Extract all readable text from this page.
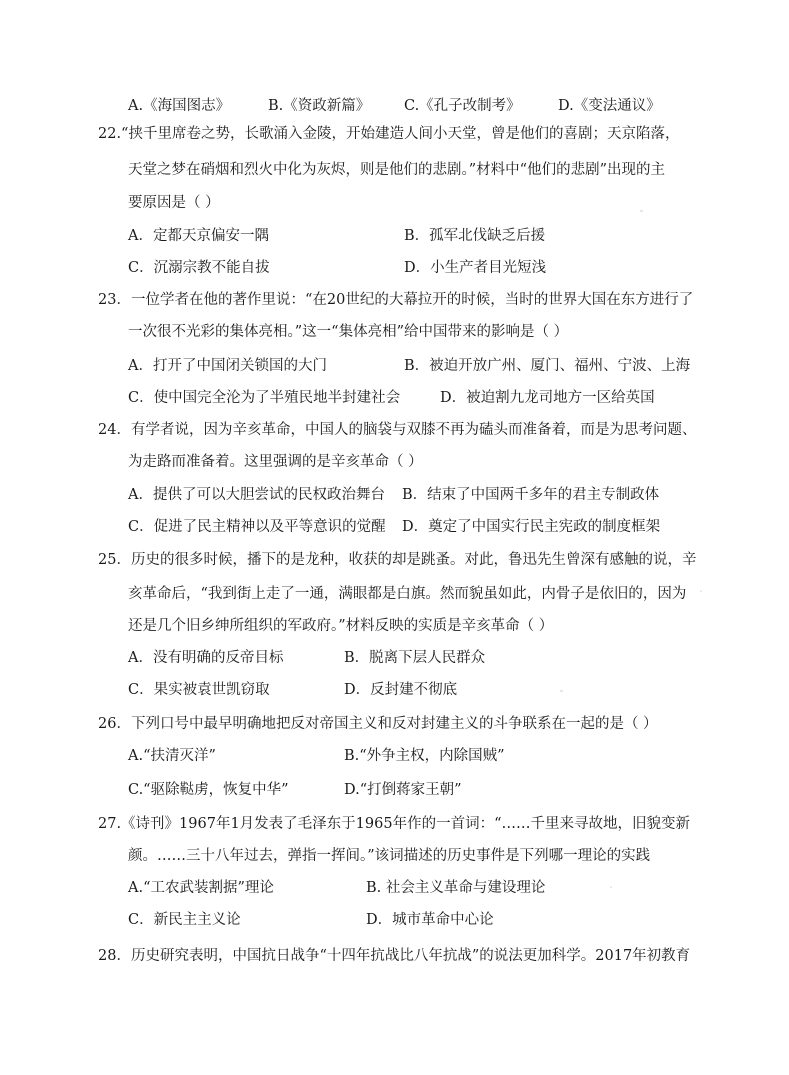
A.《海国图志》	B.《资政新篇》 C.《孔子改制考》	D.《变法通议》
22.“挟千里席卷之势，长歌涌入金陵，开始建造人间小天堂，曾是他们的喜剧；天京陷落，
天堂之梦在硝烟和烈火中化为灰烬，则是他们的悲剧。”材料中“他们的悲剧”出现的主
要原因是（ ）
A．定都天京偏安一隅	B．孤军北伐缺乏后援
C．沉溺宗教不能自拔	D．小生产者目光短浅
23．一位学者在他的著作里说：“在20世纪的大幕拉开的时候，当时的世界大国在东方进行了
一次很不光彩的集体亮相。”这一“集体亮相”给中国带来的影响是（ ）
A．打开了中国闭关锁国的大门	B．被迫开放广州、厦门、福州、宁波、上海
C．使中国完全沦为了半殖民地半封建社会	D．被迫割九龙司地方一区给英国
24．有学者说，因为辛亥革命，中国人的脑袋与双膝不再为磕头而准备着，而是为思考问题、
为走路而准备着。这里强调的是辛亥革命（ ）
A．提供了可以大胆尝试的民权政治舞台 B．结束了中国两千多年的君主专制政体
C．促进了民主精神以及平等意识的觉醒 D．奠定了中国实行民主宪政的制度框架
25．历史的很多时候，播下的是龙种，收获的却是跳蚤。对此，鲁迅先生曾深有感触的说，辛
亥革命后，“我到街上走了一通，满眼都是白旗。然而貌虽如此，内骨子是依旧的，因为
还是几个旧乡绅所组织的军政府。”材料反映的实质是辛亥革命（ ）
A．没有明确的反帝目标	B．脱离下层人民群众
C．果实被袁世凯窃取	D．反封建不彻底
26．下列口号中最早明确地把反对帝国主义和反对封建主义的斗争联系在一起的是（ ）
A.“扶清灭洋”	B.“外争主权，内除国贼”
C.“驱除鞑虏，恢复中华”	D.“打倒蒋家王朝”
27.《诗刊》1967年1月发表了毛泽东于1965年作的一首词：“……千里来寻故地，旧貌变新
颜。……三十八年过去，弹指一挥间。”该词描述的历史事件是下列哪一理论的实践
A.“工农武装割据”理论	B. 社会主义革命与建设理论
C．新民主主义论	D．城市革命中心论
28．历史研究表明，中国抗日战争“十四年抗战比八年抗战”的说法更加科学。2017年初教育
